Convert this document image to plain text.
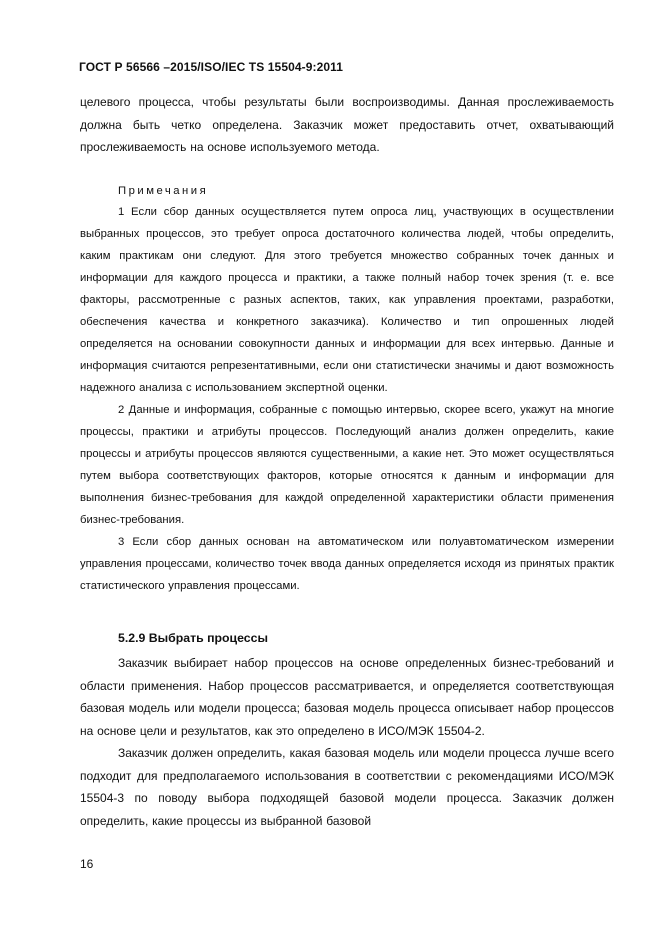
ГОСТ Р 56566 –2015/ISO/IEC TS 15504-9:2011

целевого процесса, чтобы результаты были воспроизводимы. Данная прослеживаемость должна быть четко определена. Заказчик может предоставить отчет, охватывающий прослеживаемость на основе используемого метода.

Примечания

1 Если сбор данных осуществляется путем опроса лиц, участвующих в осуществлении выбранных процессов, это требует опроса достаточного количества людей, чтобы определить, каким практикам они следуют. Для этого требуется множество собранных точек данных и информации для каждого процесса и практики, а также полный набор точек зрения (т. е. все факторы, рассмотренные с разных аспектов, таких, как управления проектами, разработки, обеспечения качества и конкретного заказчика). Количество и тип опрошенных людей определяется на основании совокупности данных и информации для всех интервью. Данные и информация считаются репрезентативными, если они статистически значимы и дают возможность надежного анализа с использованием экспертной оценки.

2 Данные и информация, собранные с помощью интервью, скорее всего, укажут на многие процессы, практики и атрибуты процессов. Последующий анализ должен определить, какие процессы и атрибуты процессов являются существенными, а какие нет. Это может осуществляться путем выбора соответствующих факторов, которые относятся к данным и информации для выполнения бизнес-требования для каждой определенной характеристики области применения бизнес-требования.

3 Если сбор данных основан на автоматическом или полуавтоматическом измерении управления процессами, количество точек ввода данных определяется исходя из принятых практик статистического управления процессами.

5.2.9 Выбрать процессы

Заказчик выбирает набор процессов на основе определенных бизнес-требований и области применения. Набор процессов рассматривается, и определяется соответствующая базовая модель или модели процесса; базовая модель процесса описывает набор процессов на основе цели и результатов, как это определено в ИСО/МЭК 15504-2.

Заказчик должен определить, какая базовая модель или модели процесса лучше всего подходит для предполагаемого использования в соответствии с рекомендациями ИСО/МЭК 15504-3 по поводу выбора подходящей базовой модели процесса. Заказчик должен определить, какие процессы из выбранной базовой

16
